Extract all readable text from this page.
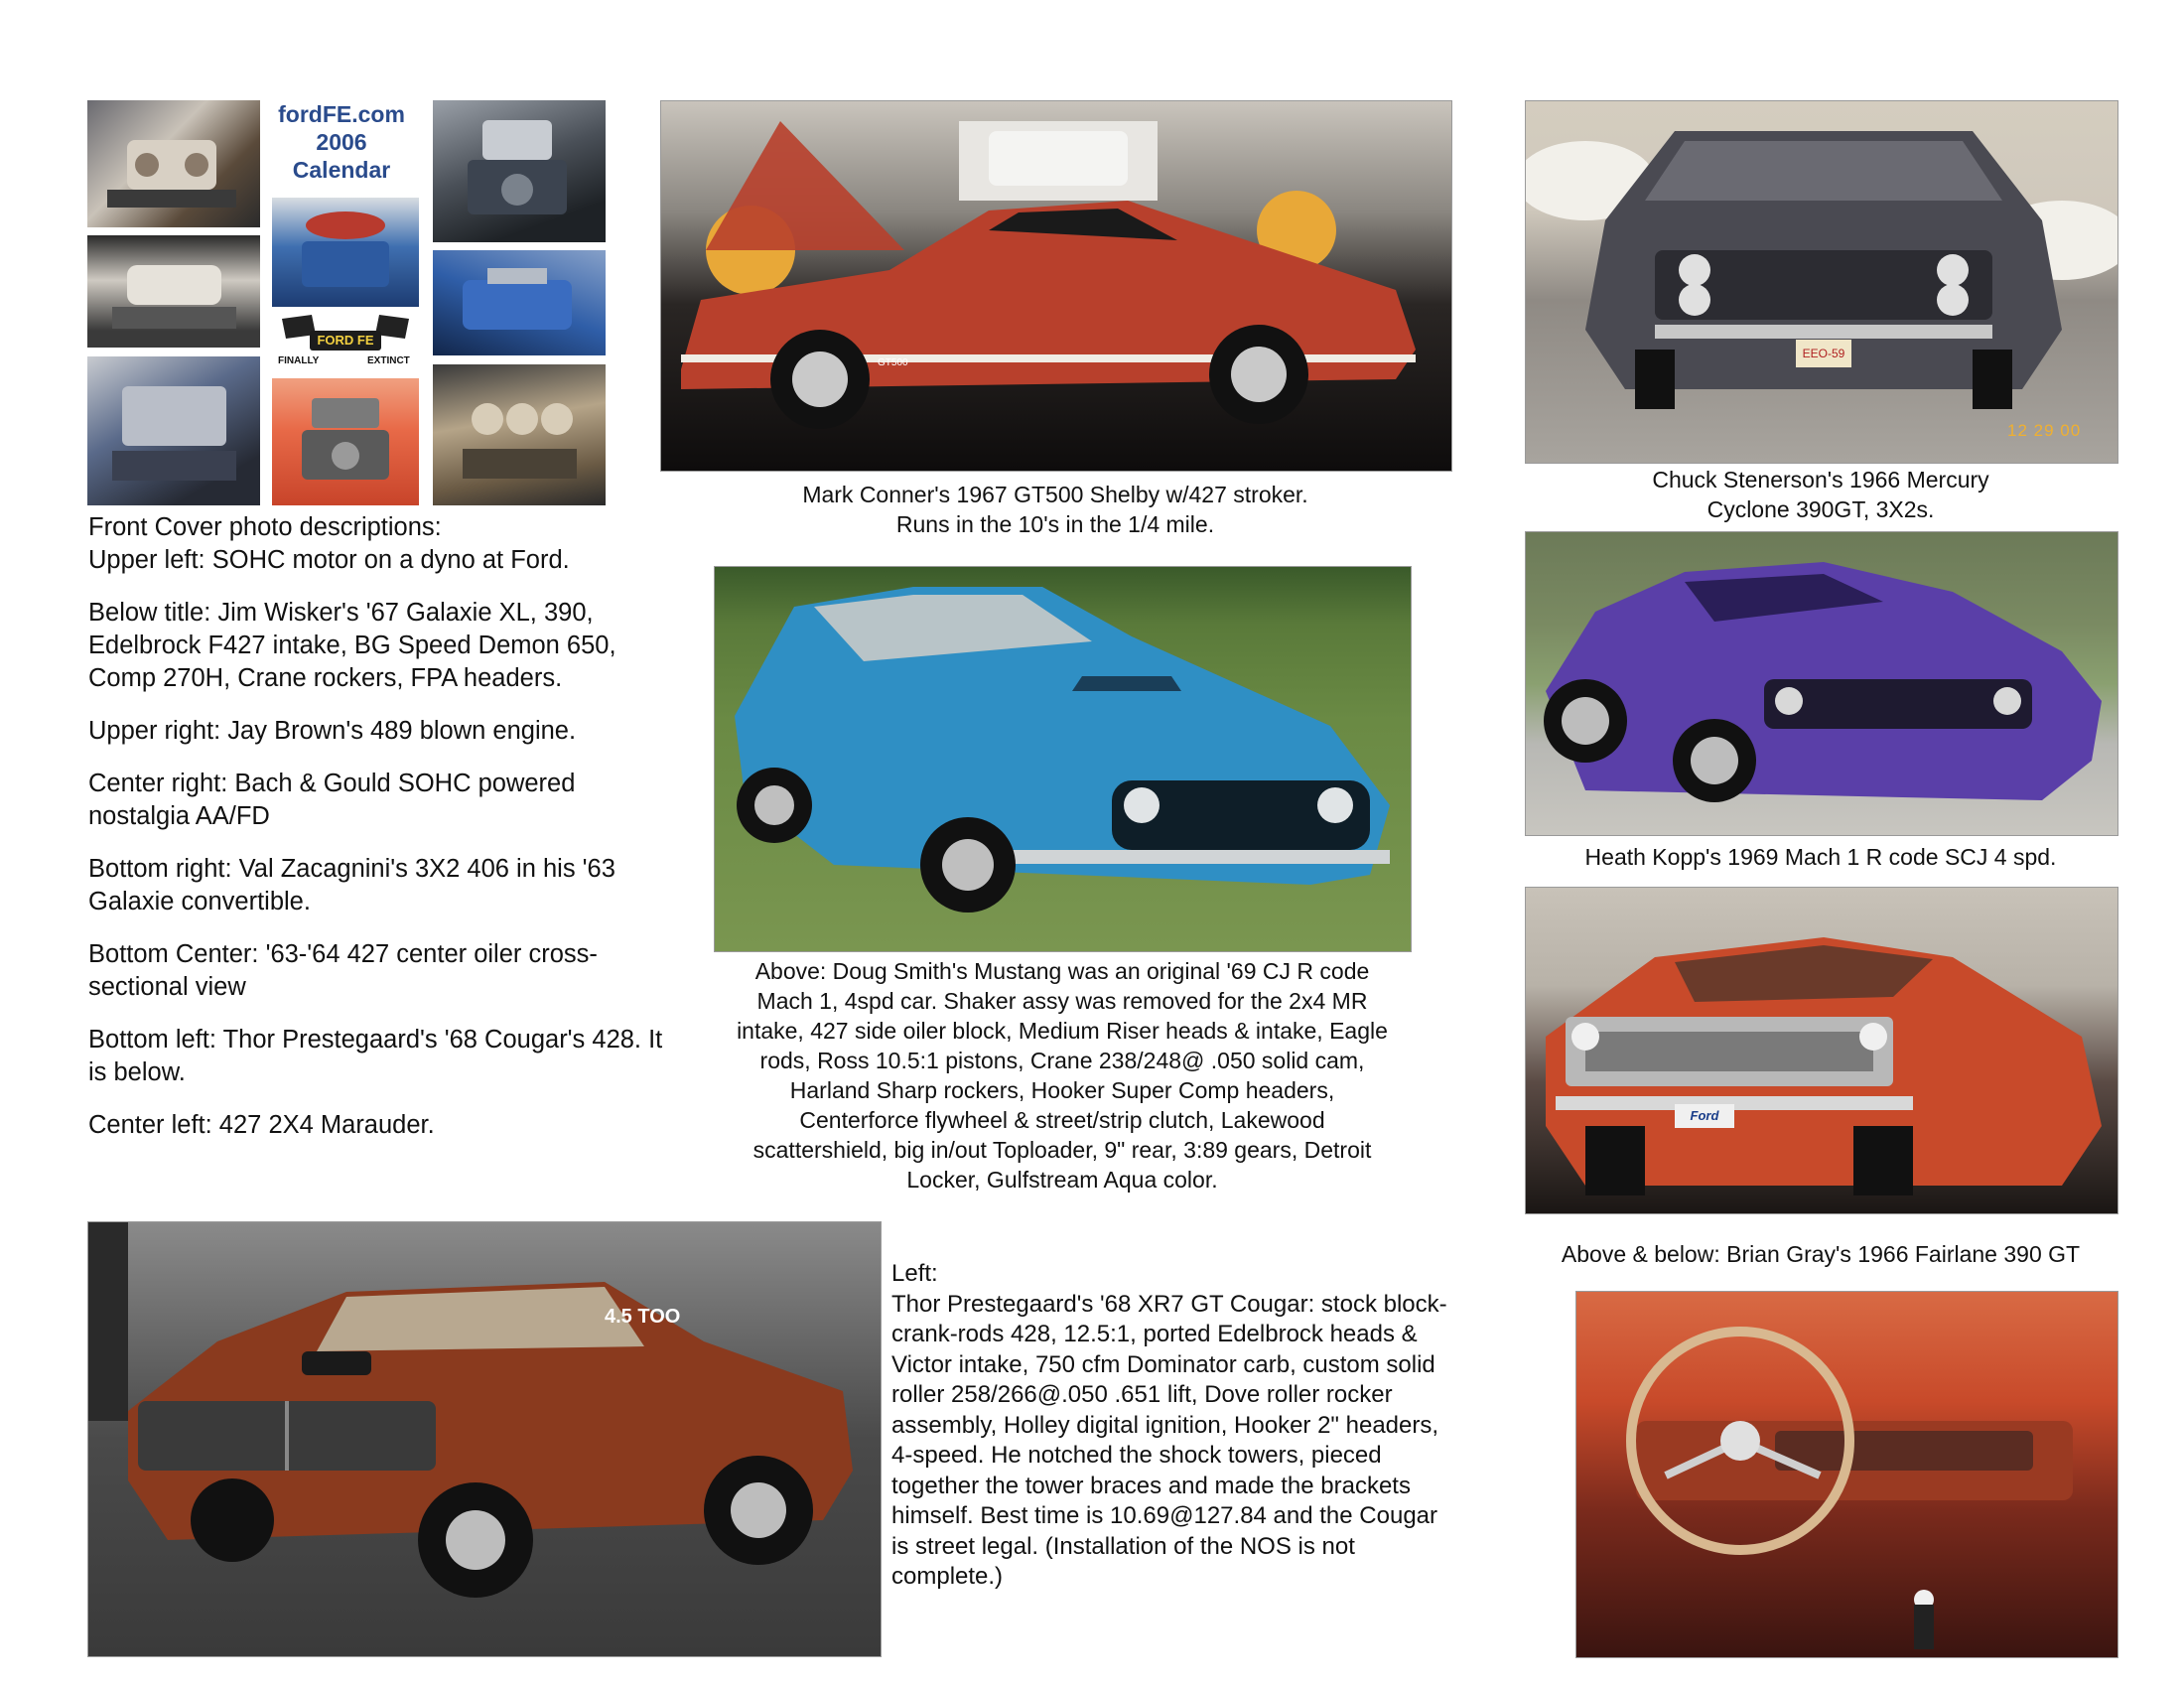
fordFE.com
2006
Calendar
FORD FE
FINALLY	EXTINCT
Front Cover photo descriptions:

Upper left: SOHC motor on a dyno at Ford.

Below title: Jim Wisker's '67 Galaxie XL, 390, Edelbrock F427 intake, BG Speed Demon 650, Comp 270H, Crane rockers, FPA headers.

Upper right: Jay Brown's 489 blown engine.

Center right: Bach & Gould SOHC powered nostalgia AA/FD

Bottom right: Val Zacagnini's 3X2 406 in his '63 Galaxie convertible.

Bottom Center: '63-'64 427 center oiler cross-sectional view

Bottom left: Thor Prestegaard's '68 Cougar's 428. It is below.

Center left: 427 2X4 Marauder.

GT500
Mark Conner's 1967 GT500 Shelby w/427 stroker.
Runs in the 10's in the 1/4 mile.
EEO-59
12 29 00
Chuck Stenerson's 1966 Mercury
Cyclone 390GT, 3X2s.
Heath Kopp's 1969 Mach 1 R code SCJ 4 spd.
Above: Doug Smith's Mustang was an original '69 CJ R code Mach 1, 4spd car. Shaker assy was removed for the 2x4 MR intake, 427 side oiler block, Medium Riser heads & intake, Eagle rods, Ross 10.5:1 pistons, Crane 238/248@ .050 solid cam, Harland Sharp rockers, Hooker Super Comp headers, Centerforce flywheel & street/strip clutch, Lakewood scattershield, big in/out Toploader, 9" rear, 3:89 gears, Detroit Locker, Gulfstream Aqua color.
Ford
Above & below: Brian Gray's 1966 Fairlane 390 GT
4.5 TOO
Left:
Thor Prestegaard's '68 XR7 GT Cougar: stock block-crank-rods 428, 12.5:1, ported Edelbrock heads & Victor intake, 750 cfm Dominator carb, custom solid roller 258/266@.050 .651 lift, Dove roller rocker assembly, Holley digital ignition, Hooker 2" headers, 4-speed. He notched the shock towers, pieced together the tower braces and made the brackets himself. Best time is 10.69@127.84 and the Cougar is street legal. (Installation of the NOS is not complete.)
